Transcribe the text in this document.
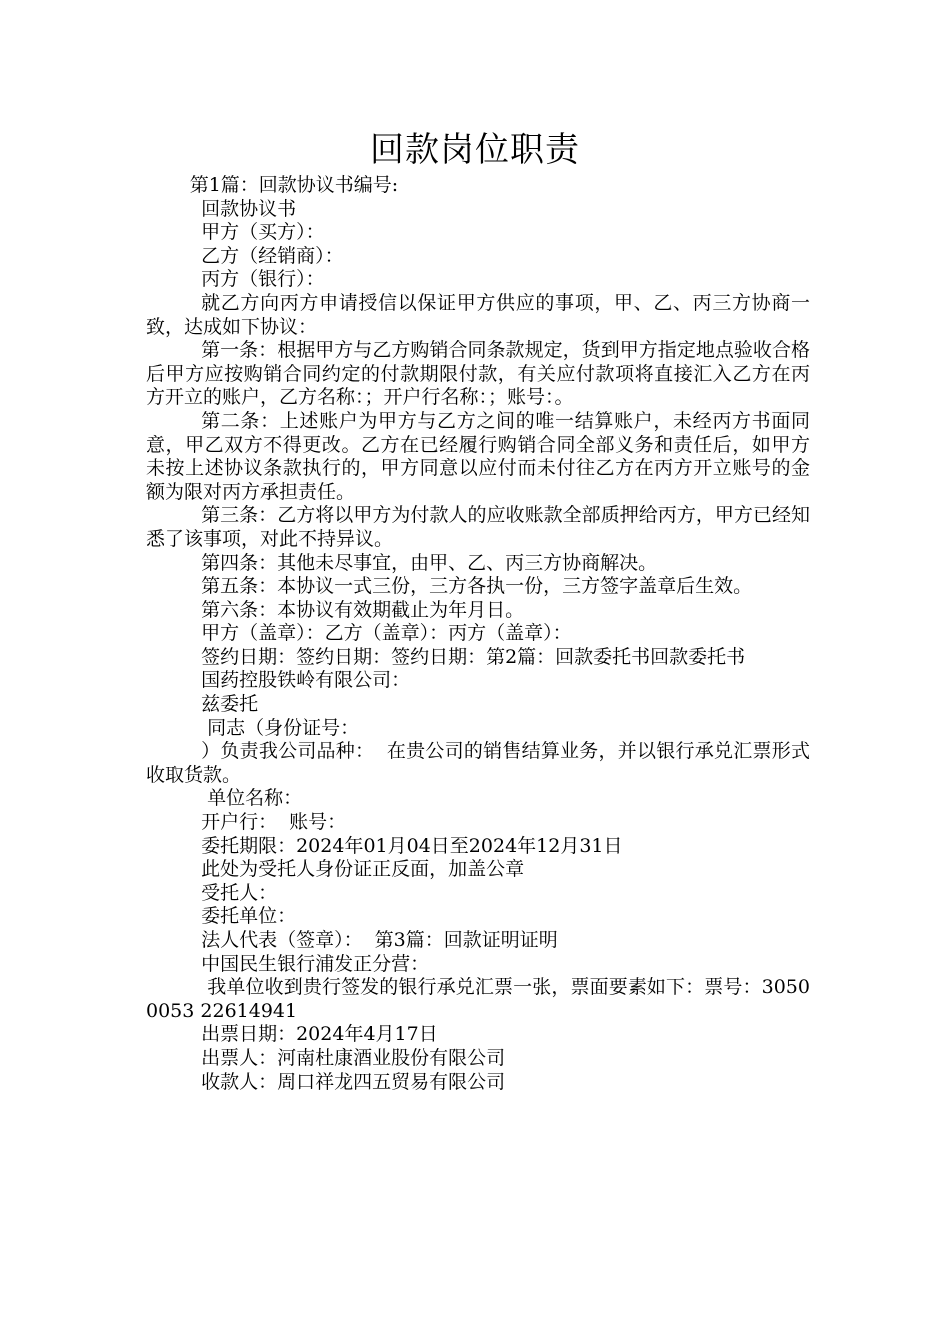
回款岗位职责

第1篇：回款协议书编号:

回款协议书

甲方（买方）：

乙方（经销商）：

丙方（银行）：

就乙方向丙方申请授信以保证甲方供应的事项，甲、乙、丙三方协商一致，达成如下协议：

第一条：根据甲方与乙方购销合同条款规定，货到甲方指定地点验收合格后甲方应按购销合同约定的付款期限付款，有关应付款项将直接汇入乙方在丙方开立的账户，乙方名称：；开户行名称：；账号：。

第二条：上述账户为甲方与乙方之间的唯一结算账户，未经丙方书面同意，甲乙双方不得更改。乙方在已经履行购销合同全部义务和责任后，如甲方未按上述协议条款执行的，甲方同意以应付而未付往乙方在丙方开立账号的金额为限对丙方承担责任。

第三条：乙方将以甲方为付款人的应收账款全部质押给丙方，甲方已经知悉了该事项，对此不持异议。

第四条：其他未尽事宜，由甲、乙、丙三方协商解决。

第五条：本协议一式三份，三方各执一份，三方签字盖章后生效。

第六条：本协议有效期截止为年月日。

甲方（盖章）：乙方（盖章）：丙方（盖章）：

签约日期：签约日期：签约日期：第2篇：回款委托书回款委托书

国药控股铁岭有限公司：

兹委托

同志（身份证号：

）负责我公司品种：  在贵公司的销售结算业务，并以银行承兑汇票形式收取货款。

单位名称：

开户行：  账号：

委托期限：2024年01月04日至2024年12月31日

此处为受托人身份证正反面，加盖公章

受托人：

委托单位：

法人代表（签章）：  第3篇：回款证明证明

中国民生银行浦发正分营：

我单位收到贵行签发的银行承兑汇票一张，票面要素如下：票号：30500053 22614941

出票日期：2024年4月17日

出票人：河南杜康酒业股份有限公司

收款人：周口祥龙四五贸易有限公司
